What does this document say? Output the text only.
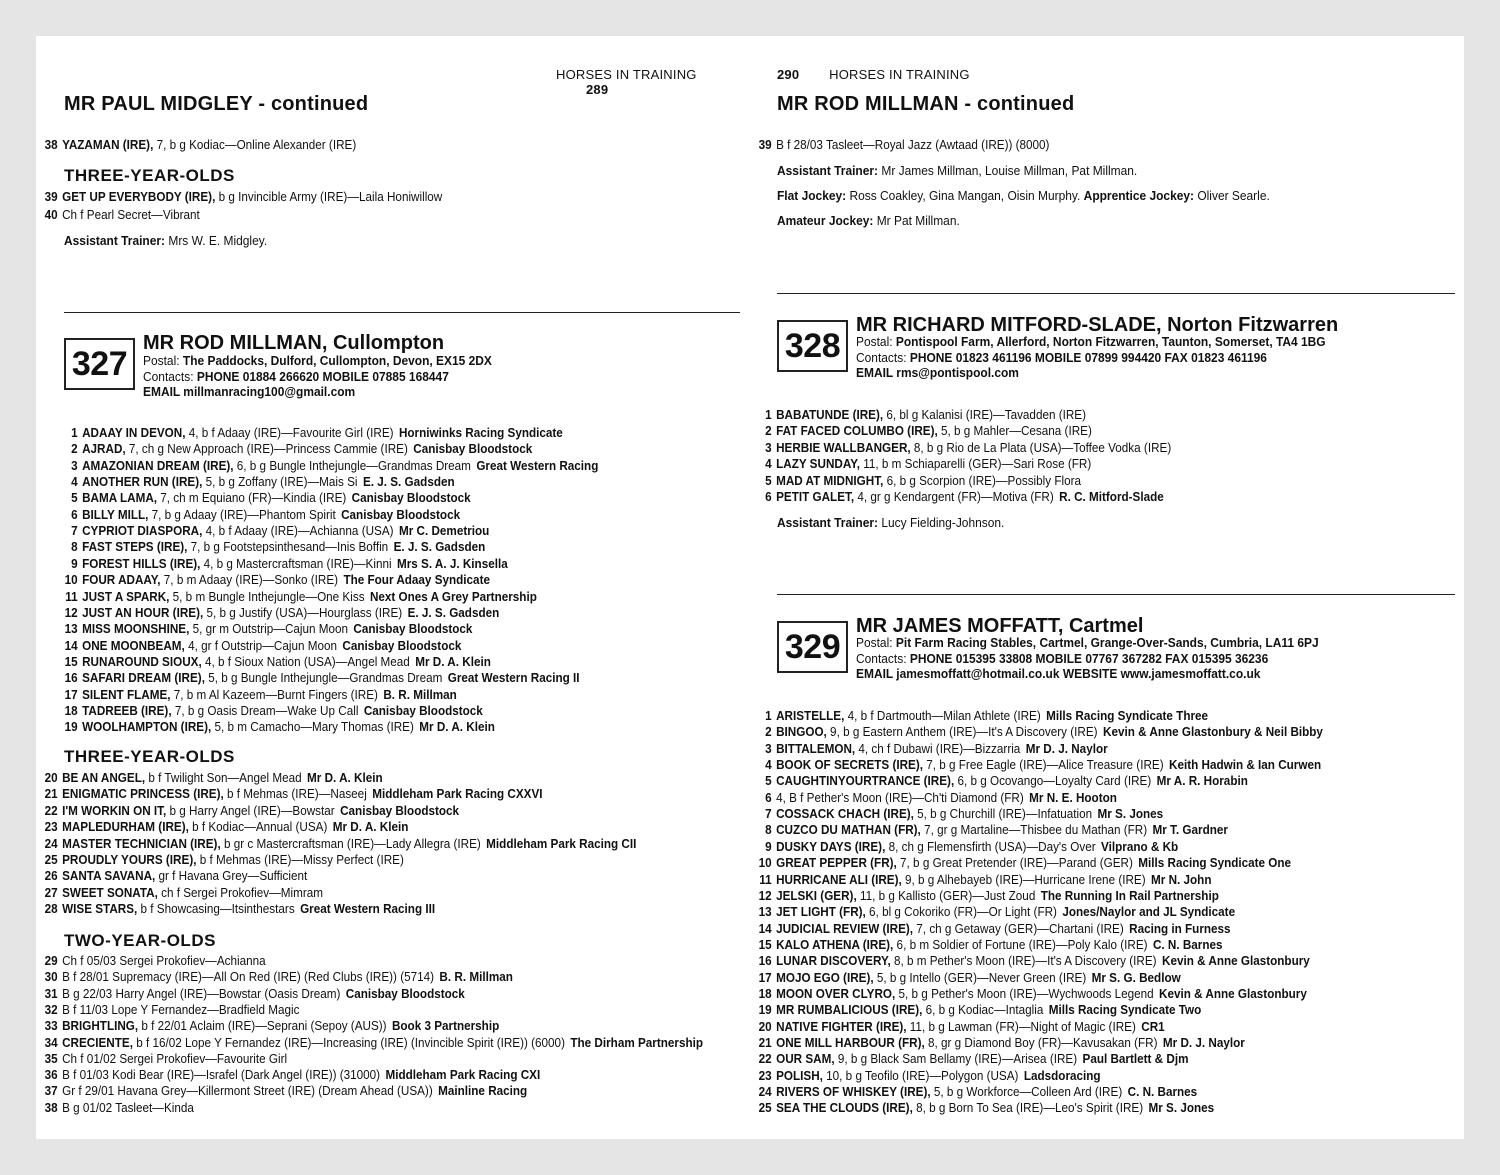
HORSES IN TRAINING 289
MR PAUL MIDGLEY - continued
38 YAZAMAN (IRE), 7, b g Kodiac—Online Alexander (IRE)
THREE-YEAR-OLDS
39 GET UP EVERYBODY (IRE), b g Invincible Army (IRE)—Laila Honiwillow
40 Ch f Pearl Secret—Vibrant
Assistant Trainer: Mrs W. E. Midgley.
327
MR ROD MILLMAN, Cullompton
Postal: The Paddocks, Dulford, Cullompton, Devon, EX15 2DX
Contacts: PHONE 01884 266620 MOBILE 07885 168447
EMAIL millmanracing100@gmail.com
1 ADAAY IN DEVON, 4, b f Adaay (IRE)—Favourite Girl (IRE) Horniwinks Racing Syndicate
2 AJRAD, 7, ch g New Approach (IRE)—Princess Cammie (IRE) Canisbay Bloodstock
3 AMAZONIAN DREAM (IRE), 6, b g Bungle Inthejungle—Grandmas Dream Great Western Racing
4 ANOTHER RUN (IRE), 5, b g Zoffany (IRE)—Mais Si E. J. S. Gadsden
5 BAMA LAMA, 7, ch m Equiano (FR)—Kindia (IRE) Canisbay Bloodstock
6 BILLY MILL, 7, b g Adaay (IRE)—Phantom Spirit Canisbay Bloodstock
7 CYPRIOT DIASPORA, 4, b f Adaay (IRE)—Achianna (USA) Mr C. Demetriou
8 FAST STEPS (IRE), 7, b g Footstepsinthesand—Inis Boffin E. J. S. Gadsden
9 FOREST HILLS (IRE), 4, b g Mastercraftsman (IRE)—Kinni Mrs S. A. J. Kinsella
10 FOUR ADAAY, 7, b m Adaay (IRE)—Sonko (IRE) The Four Adaay Syndicate
11 JUST A SPARK, 5, b m Bungle Inthejungle—One Kiss Next Ones A Grey Partnership
12 JUST AN HOUR (IRE), 5, b g Justify (USA)—Hourglass (IRE) E. J. S. Gadsden
13 MISS MOONSHINE, 5, gr m Outstrip—Cajun Moon Canisbay Bloodstock
14 ONE MOONBEAM, 4, gr f Outstrip—Cajun Moon Canisbay Bloodstock
15 RUNAROUND SIOUX, 4, b f Sioux Nation (USA)—Angel Mead Mr D. A. Klein
16 SAFARI DREAM (IRE), 5, b g Bungle Inthejungle—Grandmas Dream Great Western Racing II
17 SILENT FLAME, 7, b m Al Kazeem—Burnt Fingers (IRE) B. R. Millman
18 TADREEB (IRE), 7, b g Oasis Dream—Wake Up Call Canisbay Bloodstock
19 WOOLHAMPTON (IRE), 5, b m Camacho—Mary Thomas (IRE) Mr D. A. Klein
THREE-YEAR-OLDS
20 BE AN ANGEL, b f Twilight Son—Angel Mead Mr D. A. Klein
21 ENIGMATIC PRINCESS (IRE), b f Mehmas (IRE)—Naseej Middleham Park Racing CXXVI
22 I'M WORKIN ON IT, b g Harry Angel (IRE)—Bowstar Canisbay Bloodstock
23 MAPLEDURHAM (IRE), b f Kodiac—Annual (USA) Mr D. A. Klein
24 MASTER TECHNICIAN (IRE), b gr c Mastercraftsman (IRE)—Lady Allegra (IRE) Middleham Park Racing CII
25 PROUDLY YOURS (IRE), b f Mehmas (IRE)—Missy Perfect (IRE)
26 SANTA SAVANA, gr f Havana Grey—Sufficient
27 SWEET SONATA, ch f Sergei Prokofiev—Mimram
28 WISE STARS, b f Showcasing—Itsinthestars Great Western Racing III
TWO-YEAR-OLDS
29 Ch f 05/03 Sergei Prokofiev—Achianna
30 B f 28/01 Supremacy (IRE)—All On Red (IRE) (Red Clubs (IRE)) (5714) B. R. Millman
31 B g 22/03 Harry Angel (IRE)—Bowstar (Oasis Dream) Canisbay Bloodstock
32 B f 11/03 Lope Y Fernandez—Bradfield Magic
33 BRIGHTLING, b f 22/01 Aclaim (IRE)—Seprani (Sepoy (AUS)) Book 3 Partnership
34 CRECIENTE, b f 16/02 Lope Y Fernandez (IRE)—Increasing (IRE) (Invincible Spirit (IRE)) (6000) The Dirham Partnership
35 Ch f 01/02 Sergei Prokofiev—Favourite Girl
36 B f 01/03 Kodi Bear (IRE)—Israfel (Dark Angel (IRE)) (31000) Middleham Park Racing CXI
37 Gr f 29/01 Havana Grey—Killermont Street (IRE) (Dream Ahead (USA)) Mainline Racing
38 B g 01/02 Tasleet—Kinda
290 HORSES IN TRAINING
MR ROD MILLMAN - continued
39 B f 28/03 Tasleet—Royal Jazz (Awtaad (IRE)) (8000)
Assistant Trainer: Mr James Millman, Louise Millman, Pat Millman.
Flat Jockey: Ross Coakley, Gina Mangan, Oisin Murphy. Apprentice Jockey: Oliver Searle.
Amateur Jockey: Mr Pat Millman.
328
MR RICHARD MITFORD-SLADE, Norton Fitzwarren
Postal: Pontispool Farm, Allerford, Norton Fitzwarren, Taunton, Somerset, TA4 1BG
Contacts: PHONE 01823 461196 MOBILE 07899 994420 FAX 01823 461196
EMAIL rms@pontispool.com
1 BABATUNDE (IRE), 6, bl g Kalanisi (IRE)—Tavadden (IRE)
2 FAT FACED COLUMBO (IRE), 5, b g Mahler—Cesana (IRE)
3 HERBIE WALLBANGER, 8, b g Rio de La Plata (USA)—Toffee Vodka (IRE)
4 LAZY SUNDAY, 11, b m Schiaparelli (GER)—Sari Rose (FR)
5 MAD AT MIDNIGHT, 6, b g Scorpion (IRE)—Possibly Flora
6 PETIT GALET, 4, gr g Kendargent (FR)—Motiva (FR) R. C. Mitford-Slade
Assistant Trainer: Lucy Fielding-Johnson.
329
MR JAMES MOFFATT, Cartmel
Postal: Pit Farm Racing Stables, Cartmel, Grange-Over-Sands, Cumbria, LA11 6PJ
Contacts: PHONE 015395 33808 MOBILE 07767 367282 FAX 015395 36236
EMAIL jamesmoffatt@hotmail.co.uk WEBSITE www.jamesmoffatt.co.uk
1 ARISTELLE, 4, b f Dartmouth—Milan Athlete (IRE) Mills Racing Syndicate Three
2 BINGOO, 9, b g Eastern Anthem (IRE)—It's A Discovery (IRE) Kevin & Anne Glastonbury & Neil Bibby
3 BITTALEMON, 4, ch f Dubawi (IRE)—Bizzarria Mr D. J. Naylor
4 BOOK OF SECRETS (IRE), 7, b g Free Eagle (IRE)—Alice Treasure (IRE) Keith Hadwin & Ian Curwen
5 CAUGHTINYOURTRANCE (IRE), 6, b g Ocovango—Loyalty Card (IRE) Mr A. R. Horabin
6 4, B f Pether's Moon (IRE)—Ch'ti Diamond (FR) Mr N. E. Hooton
7 COSSACK CHACH (IRE), 5, b g Churchill (IRE)—Infatuation Mr S. Jones
8 CUZCO DU MATHAN (FR), 7, gr g Martaline—Thisbee du Mathan (FR) Mr T. Gardner
9 DUSKY DAYS (IRE), 8, ch g Flemensfirth (USA)—Day's Over Vilprano & Kb
10 GREAT PEPPER (FR), 7, b g Great Pretender (IRE)—Parand (GER) Mills Racing Syndicate One
11 HURRICANE ALI (IRE), 9, b g Alhebayeb (IRE)—Hurricane Irene (IRE) Mr N. John
12 JELSKI (GER), 11, b g Kallisto (GER)—Just Zoud The Running In Rail Partnership
13 JET LIGHT (FR), 6, bl g Cokoriko (FR)—Or Light (FR) Jones/Naylor and JL Syndicate
14 JUDICIAL REVIEW (IRE), 7, ch g Getaway (GER)—Chartani (IRE) Racing in Furness
15 KALO ATHENA (IRE), 6, b m Soldier of Fortune (IRE)—Poly Kalo (IRE) C. N. Barnes
16 LUNAR DISCOVERY, 8, b m Pether's Moon (IRE)—It's A Discovery (IRE) Kevin & Anne Glastonbury
17 MOJO EGO (IRE), 5, b g Intello (GER)—Never Green (IRE) Mr S. G. Bedlow
18 MOON OVER CLYRO, 5, b g Pether's Moon (IRE)—Wychwoods Legend Kevin & Anne Glastonbury
19 MR RUMBALICIOUS (IRE), 6, b g Kodiac—Intaglia Mills Racing Syndicate Two
20 NATIVE FIGHTER (IRE), 11, b g Lawman (FR)—Night of Magic (IRE) CR1
21 ONE MILL HARBOUR (FR), 8, gr g Diamond Boy (FR)—Kavusakan (FR) Mr D. J. Naylor
22 OUR SAM, 9, b g Black Sam Bellamy (IRE)—Arisea (IRE) Paul Bartlett & Djm
23 POLISH, 10, b g Teofilo (IRE)—Polygon (USA) Ladsdoracing
24 RIVERS OF WHISKEY (IRE), 5, b g Workforce—Colleen Ard (IRE) C. N. Barnes
25 SEA THE CLOUDS (IRE), 8, b g Born To Sea (IRE)—Leo's Spirit (IRE) Mr S. Jones
